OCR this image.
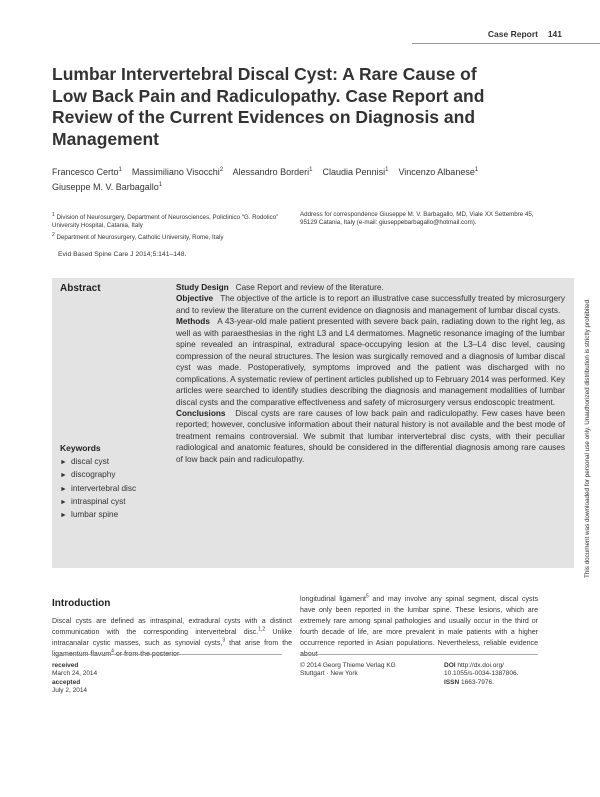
Case Report 141
Lumbar Intervertebral Discal Cyst: A Rare Cause of Low Back Pain and Radiculopathy. Case Report and Review of the Current Evidences on Diagnosis and Management
Francesco Certo$^1$ Massimiliano Visocchi$^2$ Alessandro Borderi$^1$ Claudia Pennisi$^1$ Vincenzo Albanese$^1$
Giuseppe M. V. Barbagallo$^1$
$^1$ Division of Neurosurgery, Department of Neurosciences, Policlinico “G. Rodolico” University Hospital, Catania, Italy
$^2$ Department of Neurosurgery, Catholic University, Rome, Italy
Address for correspondence Giuseppe M. V. Barbagallo, MD, Viale XX Settembre 45, 95129 Catania, Italy (e-mail: giuseppebarbagallo@hotmail.com).
Evid Based Spine Care J 2014;5:141–148.
Abstract	Study Design Case Report and review of the literature.

Objective The objective of the article is to report an illustrative case successfully treated by microsurgery and to review the literature on the current evidence on diagnosis and management of lumbar discal cysts.

Methods A 43-year-old male patient presented with severe back pain, radiating down to the right leg, as well as with paraesthesias in the right L3 and L4 dermatomes. Magnetic resonance imaging of the lumbar spine revealed an intraspinal, extradural space-occupying lesion at the L3–L4 disc level, causing compression of the neural structures. The lesion was surgically removed and a diagnosis of lumbar discal cyst was made. Postoperatively, symptoms improved and the patient was discharged with no complications. A systematic review of pertinent articles published up to February 2014 was performed. Key articles were searched to identify studies describing the diagnosis and management modalities of lumbar discal cysts and the comparative effectiveness and safety of microsurgery versus endoscopic treatment.

Conclusions Discal cysts are rare causes of low back pain and radiculopathy. Few cases have been reported; however, conclusive information about their natural history is not available and the best mode of treatment remains controversial. We submit that lumbar intervertebral disc cysts, with their peculiar radiological and anatomic features, should be considered in the differential diagnosis among rare causes of low back pain and radiculopathy.

Keywords
► discal cyst
► discography
► intervertebral disc
► intraspinal cyst
► lumbar spine
Introduction

Discal cysts are defined as intraspinal, extradural cysts with a distinct communication with the corresponding intervertebral disc.$^{1,2}$ Unlike intracanalar cystic masses, such as synovial cysts,$^3$ that arise from the $^4$

longitudinal ligament$^5$ and may involve any spinal segment, discal cysts have only been reported in the lumbar spine. These lesions, which are extremely rare among spinal pathologies and usually occur in the third or fourth decade of life, are more prevalent in male patients with a higher occurrence reported in Asian populations. Nevertheless, reliable evidence

received
March 24, 2014
accepted
July 2, 2014
© 2014 Georg Thieme Verlag KG
Stuttgart · New York
DOI http://dx.doi.org/
10.1055/s-0034-1387806.
ISSN 1663-7976.
This document was downloaded for personal use only. Unauthorized distribution is strictly prohibited.
